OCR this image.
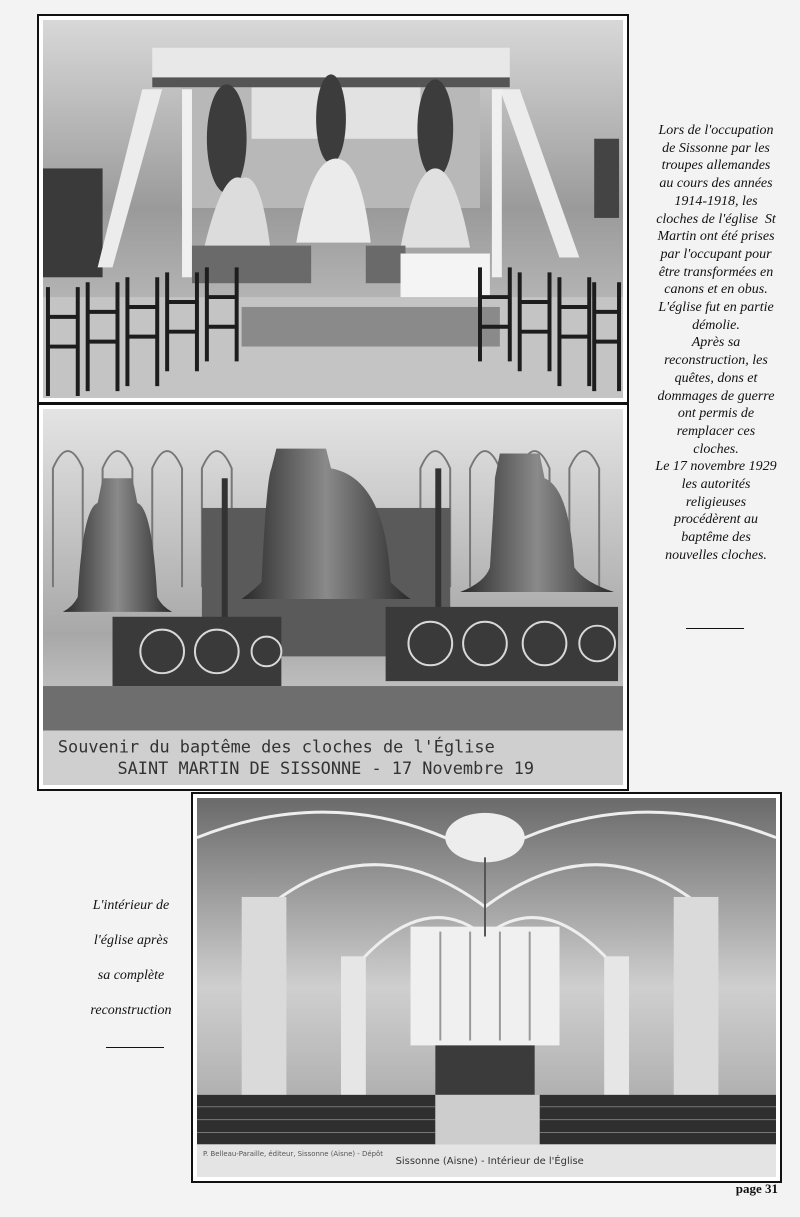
Souvenir du baptême des cloches de l'Église
SAINT MARTIN DE SISSONNE - 17 Novembre 19
P. Belleau-Paraille, éditeur, Sissonne (Aisne) - Dépôt
Sissonne (Aisne) - Intérieur de l'Église
Lors de l'occupation
de Sissonne par les
troupes allemandes
au cours des années
1914-1918, les
cloches de l'église  St
Martin ont été prises
par l'occupant pour
être transformées en
canons et en obus.
L'église fut en partie
démolie.
Après sa
reconstruction, les
quêtes, dons et
dommages de guerre
ont permis de
remplacer ces
cloches.
Le 17 novembre 1929
les autorités
religieuses
procédèrent au
baptême des
nouvelles cloches.
L'intérieur de
l'église après
sa complète
reconstruction
page 31
